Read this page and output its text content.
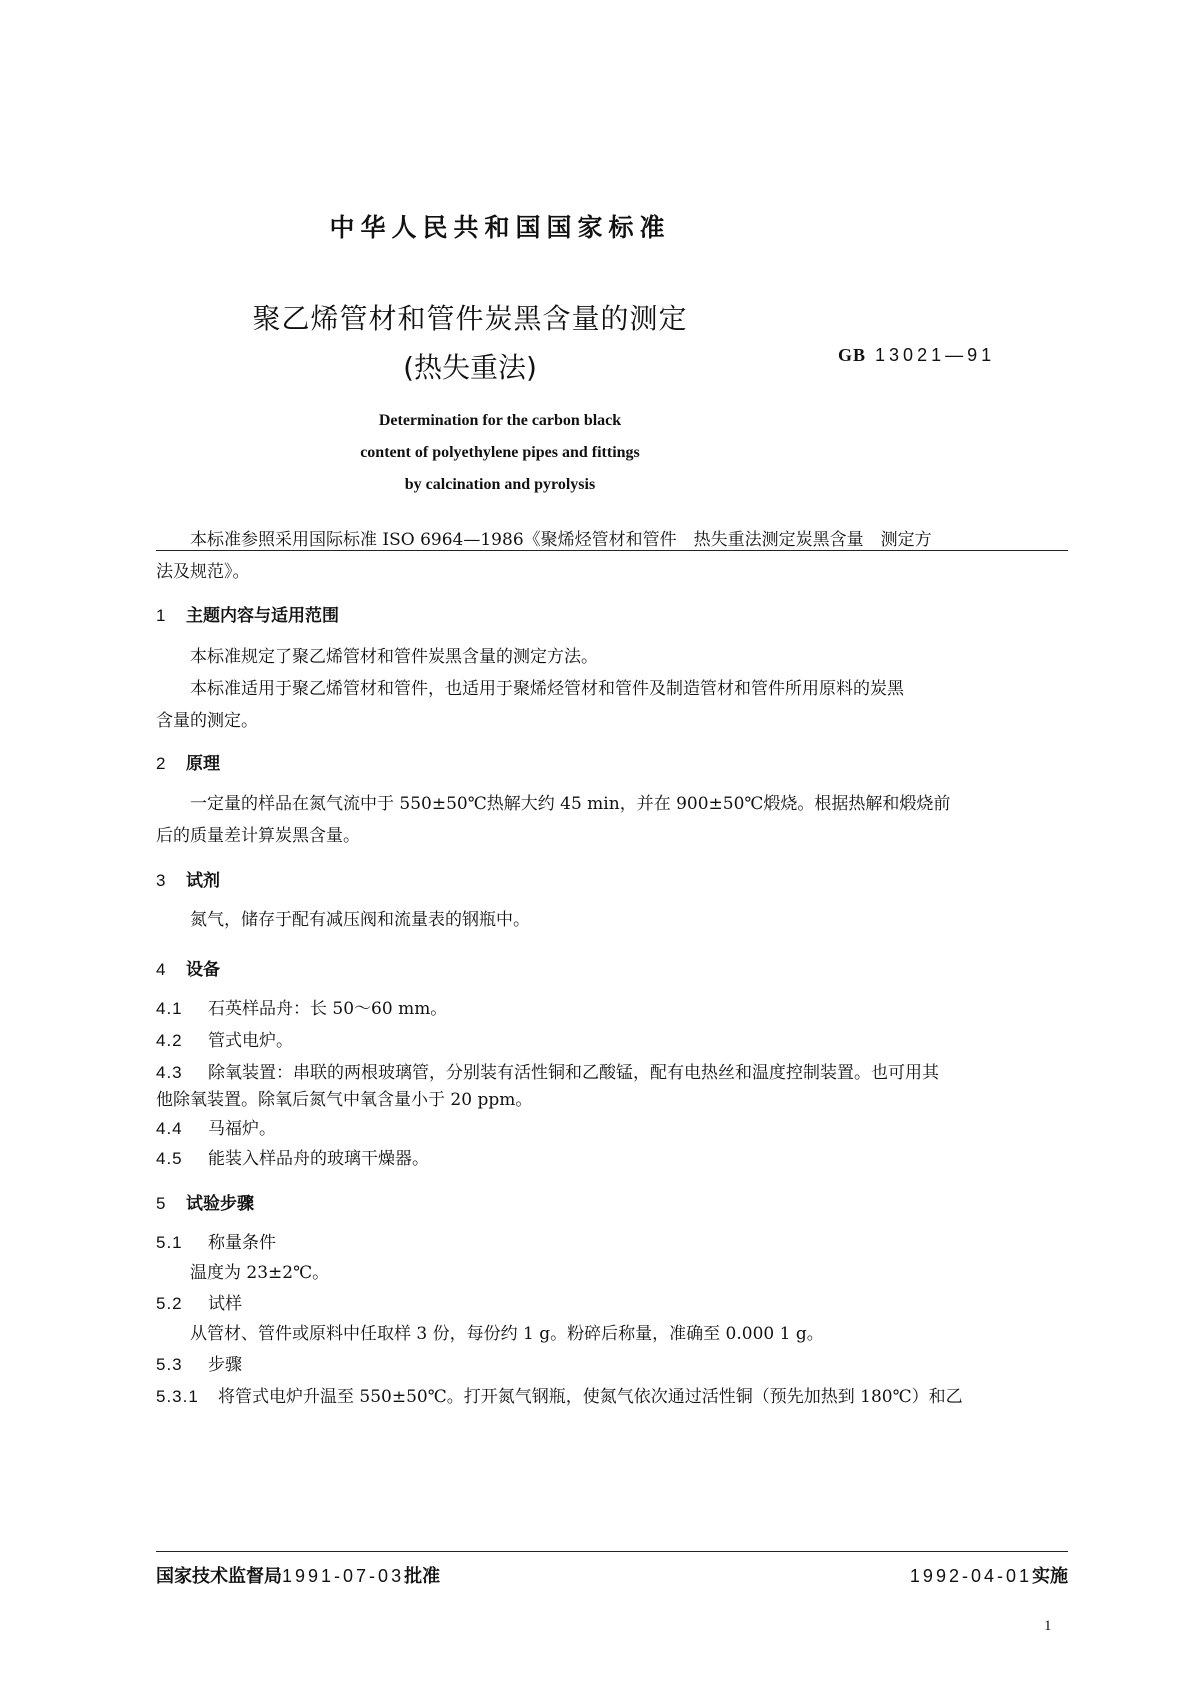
中华人民共和国国家标准
聚乙烯管材和管件炭黑含量的测定
(热失重法)	GB 13021—91
Determination for the carbon black
content of polyethylene pipes and fittings
by calcination and pyrolysis
本标准参照采用国际标准 ISO 6964—1986《聚烯烃管材和管件　热失重法测定炭黑含量　测定方
法及规范》。
1 主题内容与适用范围
本标准规定了聚乙烯管材和管件炭黑含量的测定方法。
本标准适用于聚乙烯管材和管件，也适用于聚烯烃管材和管件及制造管材和管件所用原料的炭黑
含量的测定。
2 原理
一定量的样品在氮气流中于 550±50℃热解大约 45 min，并在 900±50℃煅烧。根据热解和煅烧前
后的质量差计算炭黑含量。
3 试剂
氮气，储存于配有减压阀和流量表的钢瓶中。
4 设备
4.1 石英样品舟：长 50～60 mm。
4.2 管式电炉。
4.3 除氧装置：串联的两根玻璃管，分别装有活性铜和乙酸锰，配有电热丝和温度控制装置。也可用其
他除氧装置。除氧后氮气中氧含量小于 20 ppm。
4.4 马福炉。
4.5 能装入样品舟的玻璃干燥器。
5 试验步骤
5.1 称量条件
温度为 23±2℃。
5.2 试样
从管材、管件或原料中任取样 3 份，每份约 1 g。粉碎后称量，准确至 0.000 1 g。
5.3 步骤
5.3.1 将管式电炉升温至 550±50℃。打开氮气钢瓶，使氮气依次通过活性铜（预先加热到 180℃）和乙
国家技术监督局1991-07-03批准	1992-04-01实施
1
